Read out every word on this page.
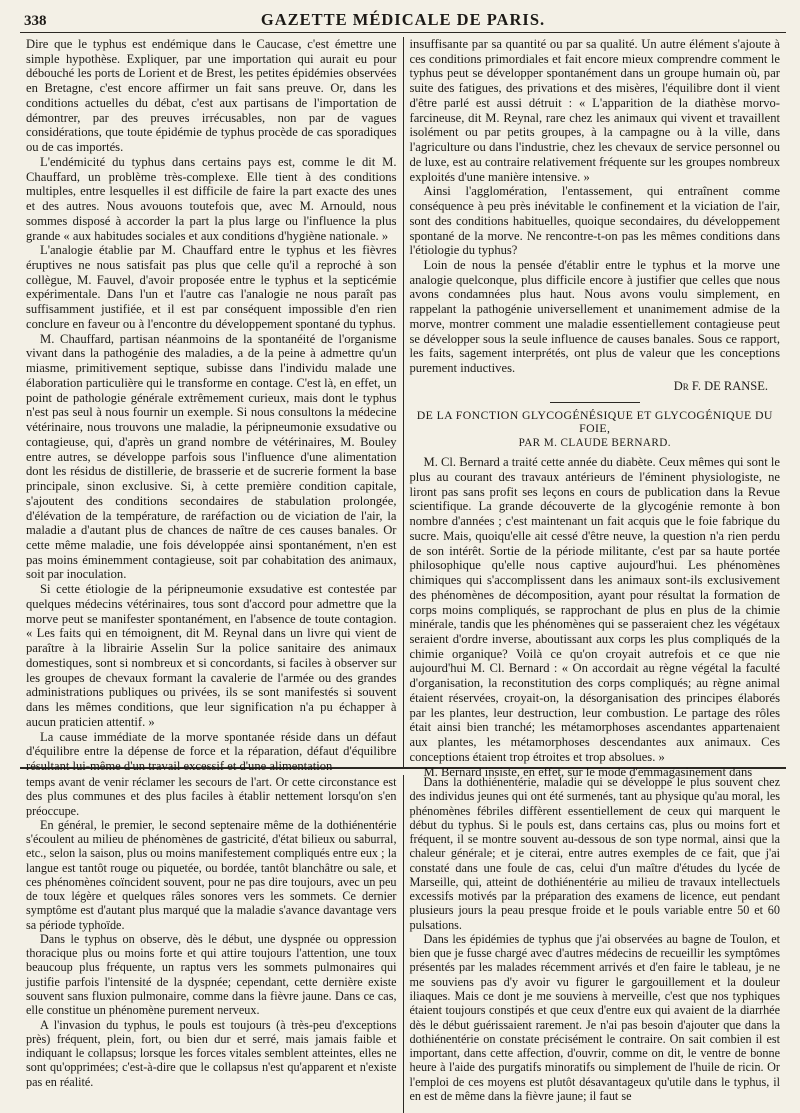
338	GAZETTE MÉDICALE DE PARIS.

Dire que le typhus est endémique dans le Caucase, c'est émettre une simple hypothèse. Expliquer, par une importation qui aurait eu pour débouché les ports de Lorient et de Brest, les petites épidémies observées en Bretagne, c'est encore affirmer un fait sans preuve. Or, dans les conditions actuelles du débat, c'est aux partisans de l'importation de démontrer, par des preuves irrécusables, non par de vagues considérations, que toute épidémie de typhus procède de cas sporadiques ou de cas importés.

L'endémicité du typhus dans certains pays est, comme le dit M. Chauffard, un problème très-complexe. Elle tient à des conditions multiples, entre lesquelles il est difficile de faire la part exacte des unes et des autres. Nous avouons toutefois que, avec M. Arnould, nous sommes disposé à accorder la part la plus large ou l'influence la plus grande « aux habitudes sociales et aux conditions d'hygiène nationale. »

L'analogie établie par M. Chauffard entre le typhus et les fièvres éruptives ne nous satisfait pas plus que celle qu'il a reproché à son collègue, M. Fauvel, d'avoir proposée entre le typhus et la septicémie expérimentale. Dans l'un et l'autre cas l'analogie ne nous paraît pas suffisamment justifiée, et il est par conséquent impossible d'en rien conclure en faveur ou à l'encontre du développement spontané du typhus.

M. Chauffard, partisan néanmoins de la spontanéité de l'organisme vivant dans la pathogénie des maladies, a de la peine à admettre qu'un miasme, primitivement septique, subisse dans l'individu malade une élaboration particulière qui le transforme en contage. C'est là, en effet, un point de pathologie générale extrêmement curieux, mais dont le typhus n'est pas seul à nous fournir un exemple. Si nous consultons la médecine vétérinaire, nous trouvons une maladie, la péripneumonie exsudative ou contagieuse, qui, d'après un grand nombre de vétérinaires, M. Bouley entre autres, se développe parfois sous l'influence d'une alimentation dont les résidus de distillerie, de brasserie et de sucrerie forment la base principale, sinon exclusive. Si, à cette première condition capitale, s'ajoutent des conditions secondaires de stabulation prolongée, d'élévation de la température, de raréfaction ou de viciation de l'air, la maladie a d'autant plus de chances de naître de ces causes banales. Or cette même maladie, une fois développée ainsi spontanément, n'en est pas moins éminemment contagieuse, soit par cohabitation des animaux, soit par inoculation.

Si cette étiologie de la péripneumonie exsudative est contestée par quelques médecins vétérinaires, tous sont d'accord pour admettre que la morve peut se manifester spontanément, en l'absence de toute contagion. « Les faits qui en témoignent, dit M. Reynal dans un livre qui vient de paraître à la librairie Asselin Sur la police sanitaire des animaux domestiques, sont si nombreux et si concordants, si faciles à observer sur les groupes de chevaux formant la cavalerie de l'armée ou des grandes administrations publiques ou privées, ils se sont manifestés si souvent dans les mêmes conditions, que leur signification n'a pu échapper à aucun praticien attentif. »

La cause immédiate de la morve spontanée réside dans un défaut d'équilibre entre la dépense de force et la réparation, défaut d'équilibre résultant lui-même d'un travail excessif et d'une alimentation

insuffisante par sa quantité ou par sa qualité. Un autre élément s'ajoute à ces conditions primordiales et fait encore mieux comprendre comment le typhus peut se développer spontanément dans un groupe humain où, par suite des fatigues, des privations et des misères, l'équilibre dont il vient d'être parlé est aussi détruit : « L'apparition de la diathèse morvo-farcineuse, dit M. Reynal, rare chez les animaux qui vivent et travaillent isolément ou par petits groupes, à la campagne ou à la ville, dans l'agriculture ou dans l'industrie, chez les chevaux de service personnel ou de luxe, est au contraire relativement fréquente sur les groupes nombreux exploités d'une manière intensive. »

Ainsi l'agglomération, l'entassement, qui entraînent comme conséquence à peu près inévitable le confinement et la viciation de l'air, sont des conditions habituelles, quoique secondaires, du développement spontané de la morve. Ne rencontre-t-on pas les mêmes conditions dans l'étiologie du typhus?

Loin de nous la pensée d'établir entre le typhus et la morve une analogie quelconque, plus difficile encore à justifier que celles que nous avons condamnées plus haut. Nous avons voulu simplement, en rappelant la pathogénie universellement et unanimement admise de la morve, montrer comment une maladie essentiellement contagieuse peut se développer sous la seule influence de causes banales. Sous ce rapport, les faits, sagement interprétés, ont plus de valeur que les conceptions purement inductives.

Dr F. DE RANSE.
DE LA FONCTION GLYCOGÉNÉSIQUE ET GLYCOGÉNIQUE DU FOIE,
PAR M. CLAUDE BERNARD.

M. Cl. Bernard a traité cette année du diabète. Ceux mêmes qui sont le plus au courant des travaux antérieurs de l'éminent physiologiste, ne liront pas sans profit ses leçons en cours de publication dans la Revue scientifique. La grande découverte de la glycogénie remonte à bon nombre d'années ; c'est maintenant un fait acquis que le foie fabrique du sucre. Mais, quoiqu'elle ait cessé d'être neuve, la question n'a rien perdu de son intérêt. Sortie de la période militante, c'est par sa haute portée philosophique qu'elle nous captive aujourd'hui. Les phénomènes chimiques qui s'accomplissent dans les animaux sont-ils exclusivement des phénomènes de décomposition, ayant pour résultat la formation de corps moins compliqués, se rapprochant de plus en plus de la chimie minérale, tandis que les phénomènes qui se passeraient chez les végétaux seraient d'ordre inverse, aboutissant aux corps les plus compliqués de la chimie organique? Voilà ce qu'on croyait autrefois et ce que nie aujourd'hui M. Cl. Bernard : « On accordait au règne végétal la faculté d'organisation, la reconstitution des corps compliqués; au règne animal étaient réservées, croyait-on, la désorganisation des principes élaborés par les plantes, leur destruction, leur combustion. Le partage des rôles était ainsi bien tranché; les métamorphoses ascendantes appartenaient aux plantes, les métamorphoses descendantes aux animaux. Ces conceptions étaient trop étroites et trop absolues. »

M. Bernard insiste, en effet, sur le mode d'emmagasinement dans

temps avant de venir réclamer les secours de l'art. Or cette circonstance est des plus communes et des plus faciles à établir nettement lorsqu'on s'en préoccupe.

En général, le premier, le second septenaire même de la dothiénentérie s'écoulent au milieu de phénomènes de gastricité, d'état bilieux ou saburral, etc., selon la saison, plus ou moins manifestement compliqués entre eux ; la langue est tantôt rouge ou piquetée, ou bordée, tantôt blanchâtre ou sale, et ces phénomènes coïncident souvent, pour ne pas dire toujours, avec un peu de toux légère et quelques râles sonores vers les sommets. Ce dernier symptôme est d'autant plus marqué que la maladie s'avance davantage vers sa période typhoïde.

Dans le typhus on observe, dès le début, une dyspnée ou oppression thoracique plus ou moins forte et qui attire toujours l'attention, une toux beaucoup plus fréquente, un raptus vers les sommets pulmonaires qui justifie parfois l'intensité de la dyspnée; cependant, cette dernière existe souvent sans fluxion pulmonaire, comme dans la fièvre jaune. Dans ce cas, elle constitue un phénomène purement nerveux.

A l'invasion du typhus, le pouls est toujours (à très-peu d'exceptions près) fréquent, plein, fort, ou bien dur et serré, mais jamais faible et indiquant le collapsus; lorsque les forces vitales semblent atteintes, elles ne sont qu'opprimées; c'est-à-dire que le collapsus n'est qu'apparent et n'existe pas en réalité.

Dans la dothiénentérie, maladie qui se développe le plus souvent chez des individus jeunes qui ont été surmenés, tant au physique qu'au moral, les phénomènes fébriles diffèrent essentiellement de ceux qui marquent le début du typhus. Si le pouls est, dans certains cas, plus ou moins fort et fréquent, il se montre souvent au-dessous de son type normal, ainsi que la chaleur générale; et je citerai, entre autres exemples de ce fait, que j'ai constaté dans une foule de cas, celui d'un maître d'études du lycée de Marseille, qui, atteint de dothiénentérie au milieu de travaux intellectuels excessifs motivés par la préparation des examens de licence, eut pendant plusieurs jours la peau presque froide et le pouls variable entre 50 et 60 pulsations.

Dans les épidémies de typhus que j'ai observées au bagne de Toulon, et bien que je fusse chargé avec d'autres médecins de recueillir les symptômes présentés par les malades récemment arrivés et d'en faire le tableau, je ne me souviens pas d'y avoir vu figurer le gargouillement et la douleur iliaques. Mais ce dont je me souviens à merveille, c'est que nos typhiques étaient toujours constipés et que ceux d'entre eux qui avaient de la diarrhée dès le début guérissaient rarement. Je n'ai pas besoin d'ajouter que dans la dothiénentérie on constate précisément le contraire. On sait combien il est important, dans cette affection, d'ouvrir, comme on dit, le ventre de bonne heure à l'aide des purgatifs minoratifs ou simplement de l'huile de ricin. Or l'emploi de ces moyens est plutôt désavantageux qu'utile dans le typhus, il en est de même dans la fièvre jaune; il faut se
